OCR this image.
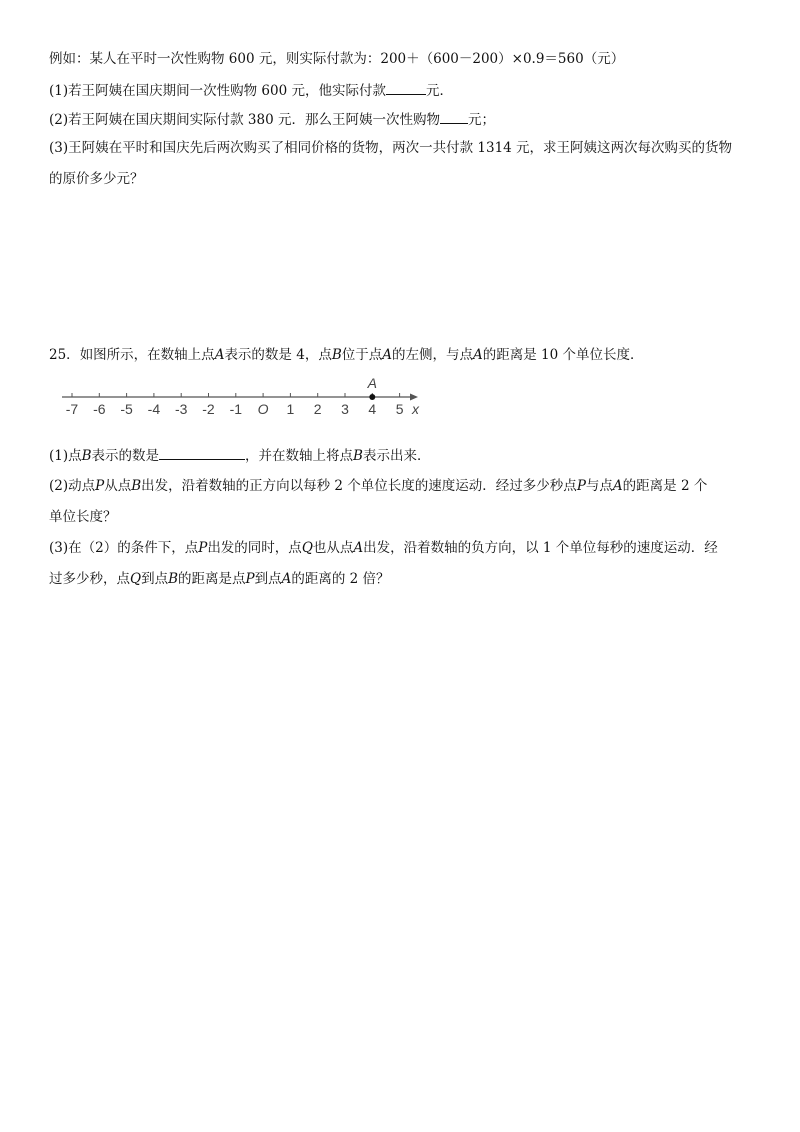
例如：某人在平时一次性购物 600 元，则实际付款为：200＋（600－200）×0.9＝560（元）
(1)若王阿姨在国庆期间一次性购物 600 元，他实际付款	元．
(2)若王阿姨在国庆期间实际付款 380 元．那么王阿姨一次性购物 元；
(3)王阿姨在平时和国庆先后两次购买了相同价格的货物，两次一共付款 1314 元，求王阿姨这两次每次购买的货物
的原价多少元？
25．如图所示，在数轴上点A表示的数是 4，点B位于点A的左侧，与点A的距离是 10 个单位长度．
-7 -6 -5 -4 -3 -2 -1 O 1 2 3 4 5 x
A
(1)点B表示的数是	，并在数轴上将点B表示出来．
(2)动点P从点B出发，沿着数轴的正方向以每秒 2 个单位长度的速度运动．经过多少秒点P与点A的距离是 2 个
单位长度？
(3)在（2）的条件下，点P出发的同时，点Q也从点A出发，沿着数轴的负方向，以 1 个单位每秒的速度运动．经
过多少秒，点Q到点B的距离是点P到点A的距离的 2 倍？
